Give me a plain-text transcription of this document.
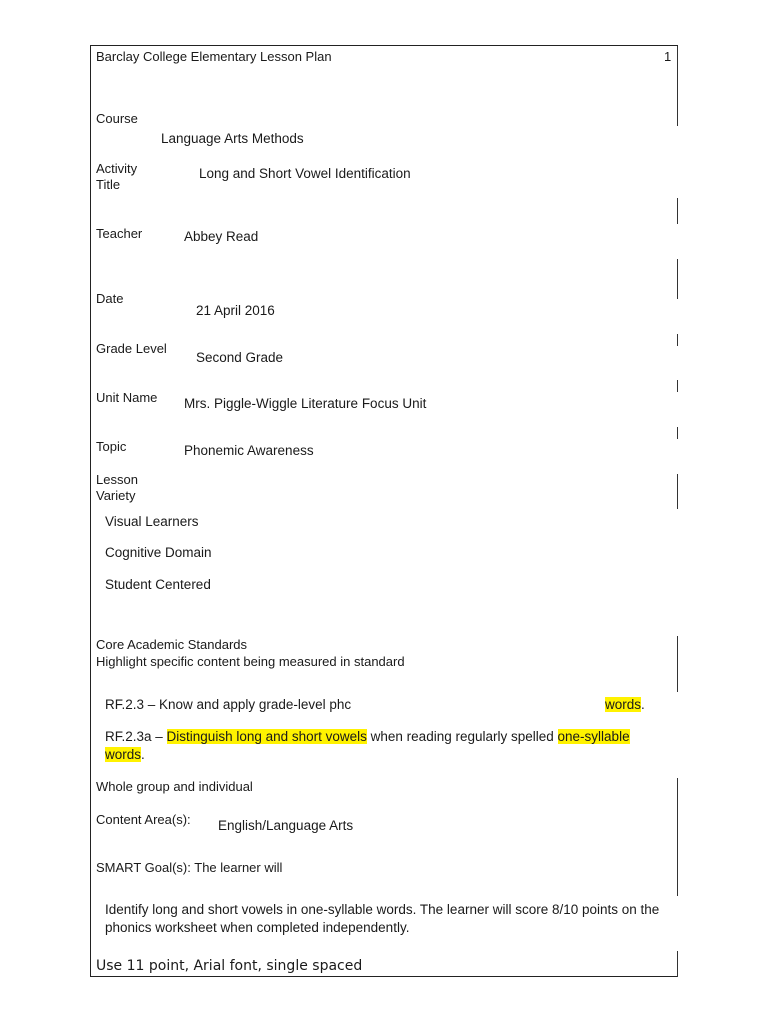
Barclay College Elementary Lesson Plan	1
Course
Language Arts Methods
Activity
Title
Long and Short Vowel Identification
Teacher	Abbey Read
Date
21 April 2016
Grade Level
Second Grade
Unit Name Mrs. Piggle-Wiggle Literature Focus Unit
Topic	Phonemic Awareness
Lesson
Variety
Visual Learners
Cognitive Domain
Student Centered
Core Academic Standards
Highlight specific content being measured in standard
RF.2.3 – Know and apply grade-level phc	words.
RF.2.3a – Distinguish long and short vowels when reading regularly spelled one-syllable
words.
Whole group and individual
Content Area(s): English/Language Arts
SMART Goal(s): The learner will
Identify long and short vowels in one-syllable words. The learner will score 8/10 points on the phonics worksheet when completed independently.
Use 11 point, Arial font, single spaced
